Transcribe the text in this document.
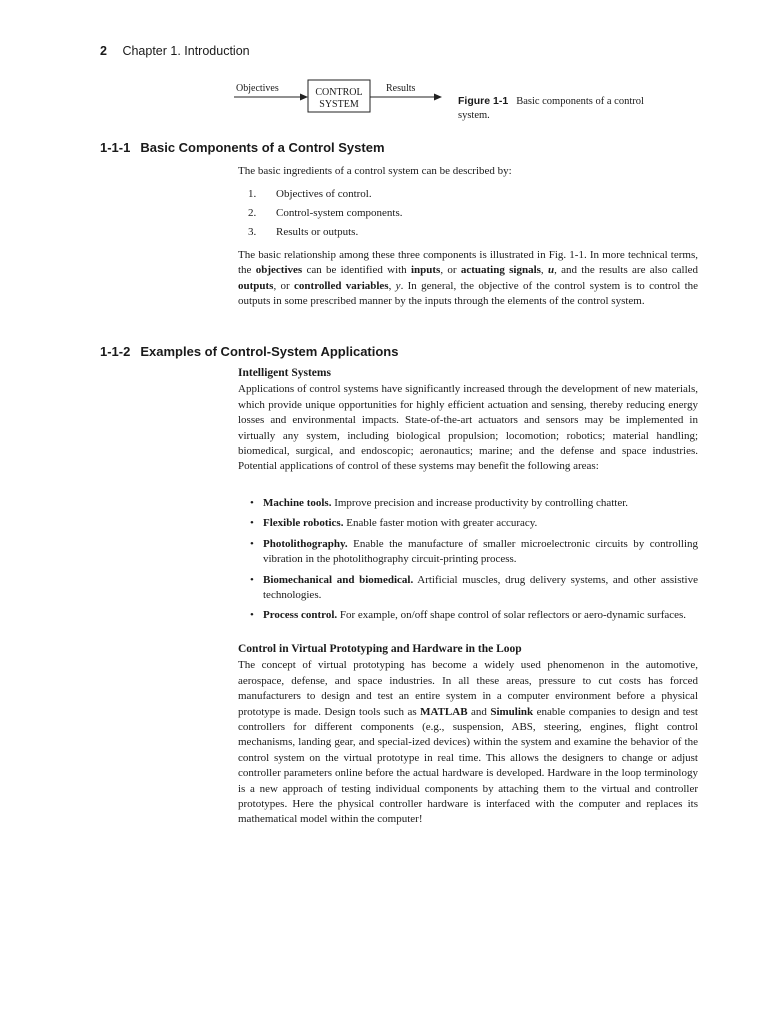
2 Chapter 1. Introduction
Objectives	CONTROL
SYSTEM
Results
Figure 1-1 Basic components of a control system.
1-1-1 Basic Components of a Control System

The basic ingredients of a control system can be described by:

1. Objectives of control.
2. Control-system components.
3. Results or outputs.

The basic relationship among these three components is illustrated in Fig. 1-1. In more technical terms, the objectives can be identified with inputs, or actuating signals, u, and the results are also called outputs, or controlled variables, y. In general, the objective of the control system is to control the outputs in some prescribed manner by the inputs through the elements of the control system.

1-1-2 Examples of Control-System Applications
Intelligent Systems

Applications of control systems have significantly increased through the development of new materials, which provide unique opportunities for highly efficient actuation and sensing, thereby reducing energy losses and environmental impacts. State-of-the-art actuators and sensors may be implemented in virtually any system, including biological propulsion; locomotion; robotics; material handling; biomedical, surgical, and endoscopic; aeronautics; marine; and the defense and space industries. Potential applications of control of these systems may benefit the following areas:

• Machine tools. Improve precision and increase productivity by controlling chatter.
• Flexible robotics. Enable faster motion with greater accuracy.
• Photolithography. Enable the manufacture of smaller microelectronic circuits by controlling vibration in the photolithography circuit-printing process.
• Biomechanical and biomedical. Artificial muscles, drug delivery systems, and other assistive technologies.
• Process control. For example, on/off shape control of solar reflectors or aero-dynamic surfaces.
Control in Virtual Prototyping and Hardware in the Loop

The concept of virtual prototyping has become a widely used phenomenon in the automotive, aerospace, defense, and space industries. In all these areas, pressure to cut costs has forced manufacturers to design and test an entire system in a computer environment before a physical prototype is made. Design tools such as MATLAB and Simulink enable companies to design and test controllers for different components (e.g., suspension, ABS, steering, engines, flight control mechanisms, landing gear, and special-ized devices) within the system and examine the behavior of the control system on the virtual prototype in real time. This allows the designers to change or adjust controller parameters online before the actual hardware is developed. Hardware in the loop terminology is a new approach of testing individual components by attaching them to the virtual and controller prototypes. Here the physical controller hardware is interfaced with the computer and replaces its mathematical model within the computer!
